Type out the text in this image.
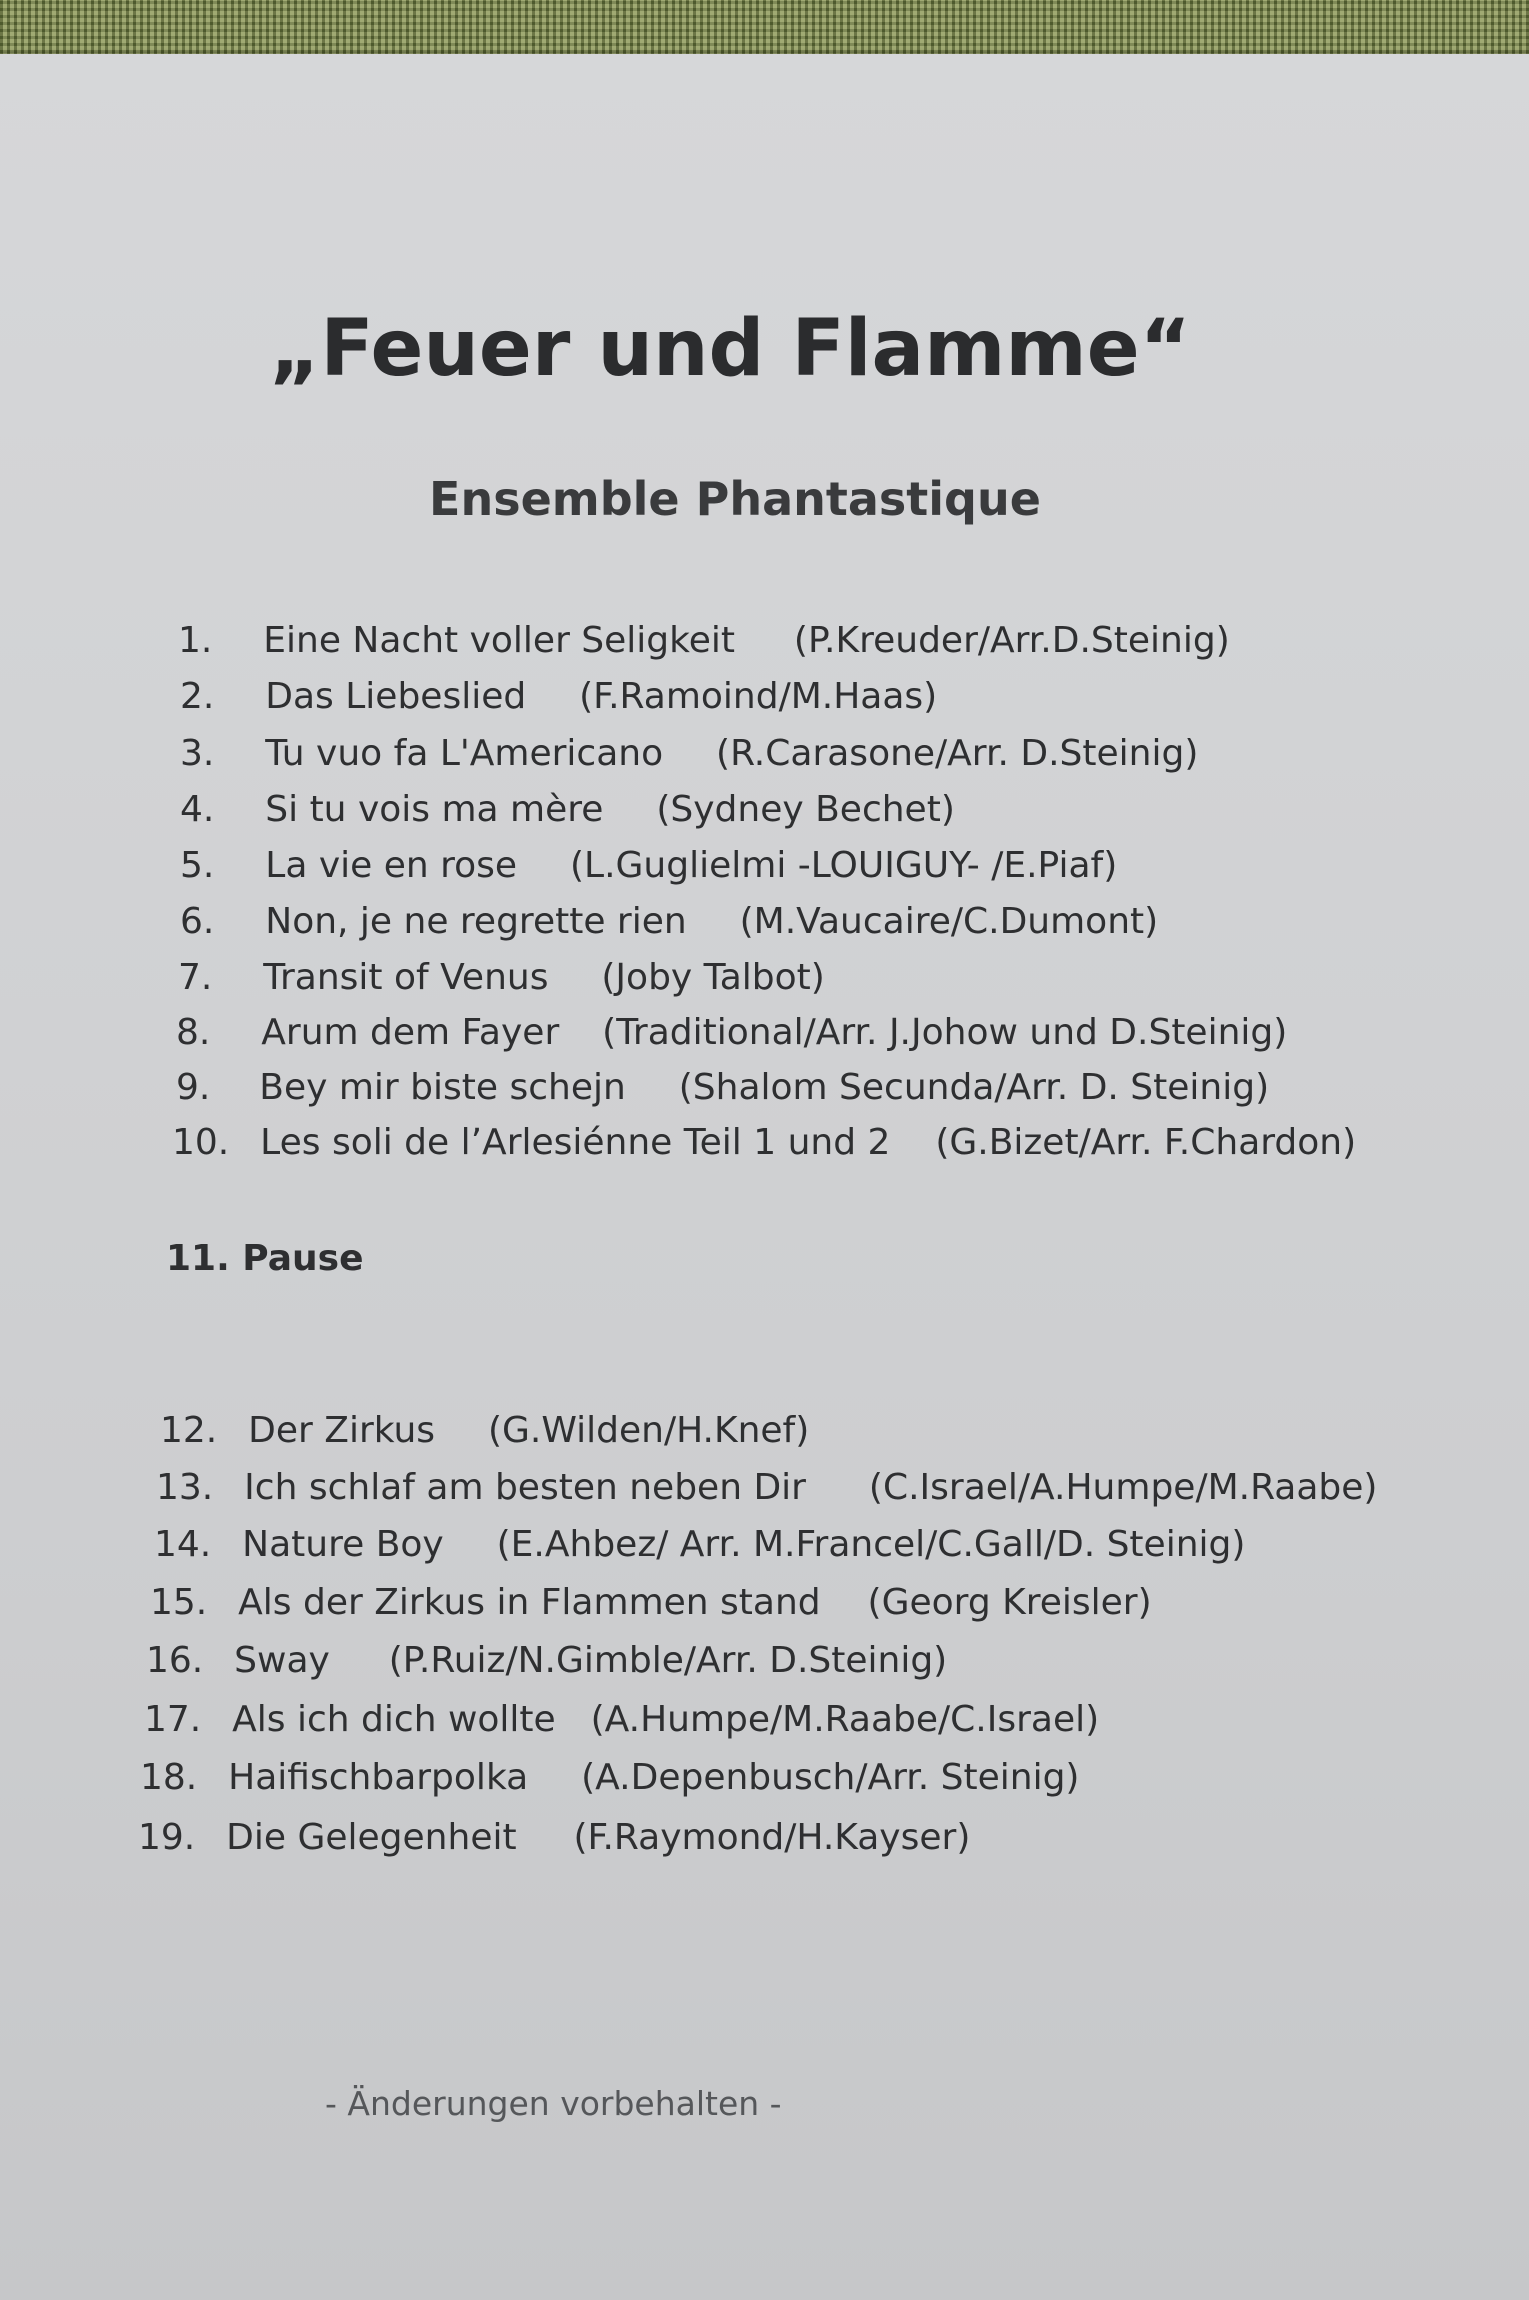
„Feuer und Flamme“
Ensemble Phantastique
1. Eine Nacht voller Seligkeit (P.Kreuder/Arr.D.Steinig)
2. Das Liebeslied (F.Ramoind/M.Haas)
3. Tu vuo fa L'Americano (R.Carasone/Arr. D.Steinig)
4. Si tu vois ma mère (Sydney Bechet)
5. La vie en rose (L.Guglielmi -LOUIGUY- /E.Piaf)
6. Non, je ne regrette rien (M.Vaucaire/C.Dumont)
7. Transit of Venus (Joby Talbot)
8. Arum dem Fayer (Traditional/Arr. J.Johow und D.Steinig)
9. Bey mir biste schejn (Shalom Secunda/Arr. D. Steinig)
10. Les soli de l’Arlesiénne Teil 1 und 2 (G.Bizet/Arr. F.Chardon)
11. Pause
12. Der Zirkus (G.Wilden/H.Knef)
13. Ich schlaf am besten neben Dir (C.Israel/A.Humpe/M.Raabe)
14. Nature Boy (E.Ahbez/ Arr. M.Francel/C.Gall/D. Steinig)
15. Als der Zirkus in Flammen stand (Georg Kreisler)
16. Sway (P.Ruiz/N.Gimble/Arr. D.Steinig)
17. Als ich dich wollte (A.Humpe/M.Raabe/C.Israel)
18. Haifischbarpolka (A.Depenbusch/Arr. Steinig)
19. Die Gelegenheit (F.Raymond/H.Kayser)
- Änderungen vorbehalten -
